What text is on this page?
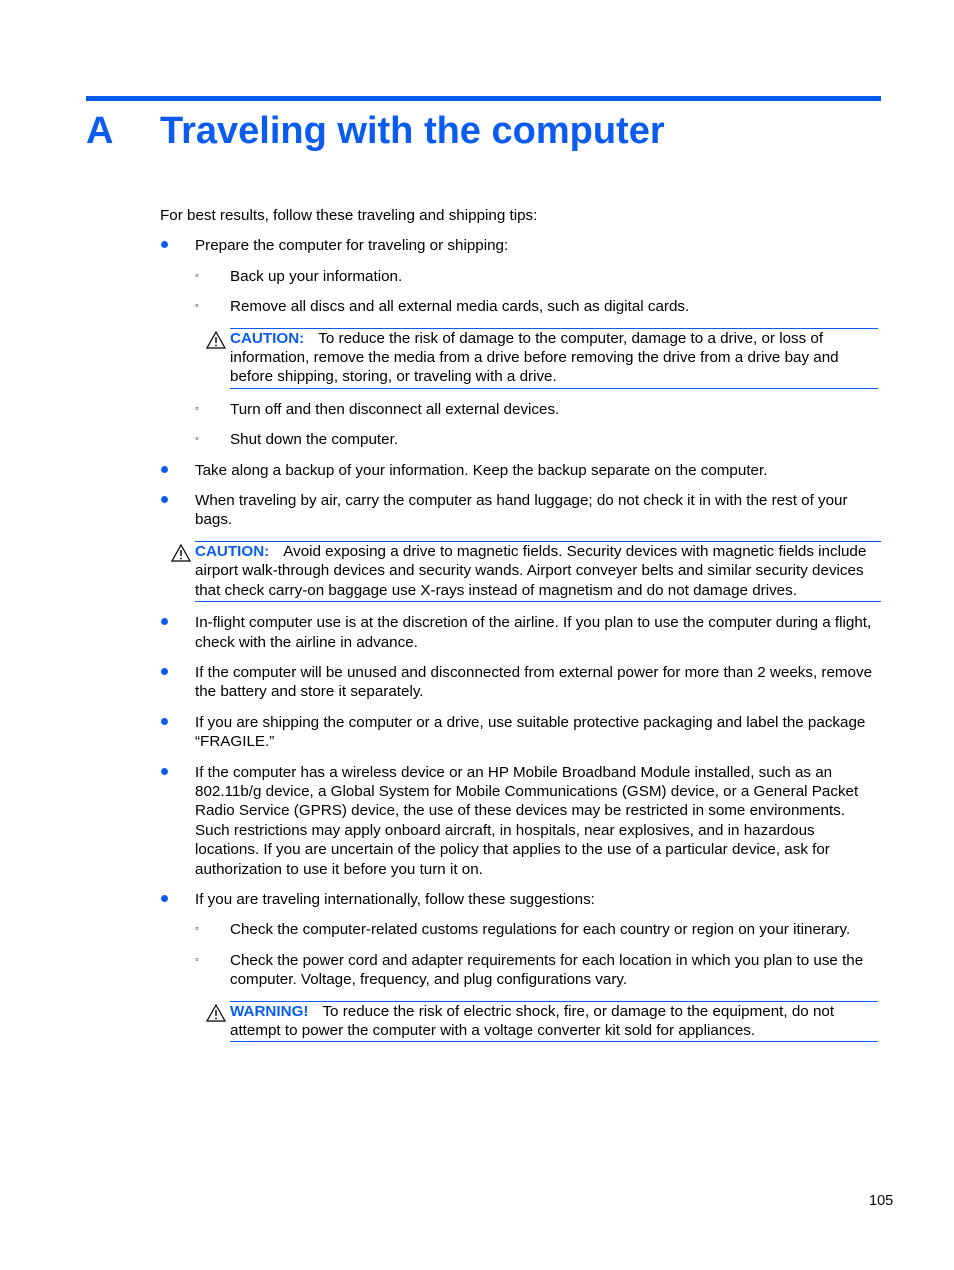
A Traveling with the computer
For best results, follow these traveling and shipping tips:
Prepare the computer for traveling or shipping:
◦ Back up your information.
◦ Remove all discs and all external media cards, such as digital cards.
CAUTION: To reduce the risk of damage to the computer, damage to a drive, or loss of information, remove the media from a drive before removing the drive from a drive bay and before shipping, storing, or traveling with a drive.
◦ Turn off and then disconnect all external devices.
◦ Shut down the computer.
Take along a backup of your information. Keep the backup separate on the computer.
When traveling by air, carry the computer as hand luggage; do not check it in with the rest of your bags.
CAUTION: Avoid exposing a drive to magnetic fields. Security devices with magnetic fields include airport walk-through devices and security wands. Airport conveyer belts and similar security devices that check carry-on baggage use X-rays instead of magnetism and do not damage drives.
In-flight computer use is at the discretion of the airline. If you plan to use the computer during a flight, check with the airline in advance.
If the computer will be unused and disconnected from external power for more than 2 weeks, remove the battery and store it separately.
If you are shipping the computer or a drive, use suitable protective packaging and label the package “FRAGILE.”
If the computer has a wireless device or an HP Mobile Broadband Module installed, such as an 802.11b/g device, a Global System for Mobile Communications (GSM) device, or a General Packet Radio Service (GPRS) device, the use of these devices may be restricted in some environments. Such restrictions may apply onboard aircraft, in hospitals, near explosives, and in hazardous locations. If you are uncertain of the policy that applies to the use of a particular device, ask for authorization to use it before you turn it on.
If you are traveling internationally, follow these suggestions:
◦ Check the computer-related customs regulations for each country or region on your itinerary.
◦ Check the power cord and adapter requirements for each location in which you plan to use the computer. Voltage, frequency, and plug configurations vary.
WARNING! To reduce the risk of electric shock, fire, or damage to the equipment, do not attempt to power the computer with a voltage converter kit sold for appliances.
105
